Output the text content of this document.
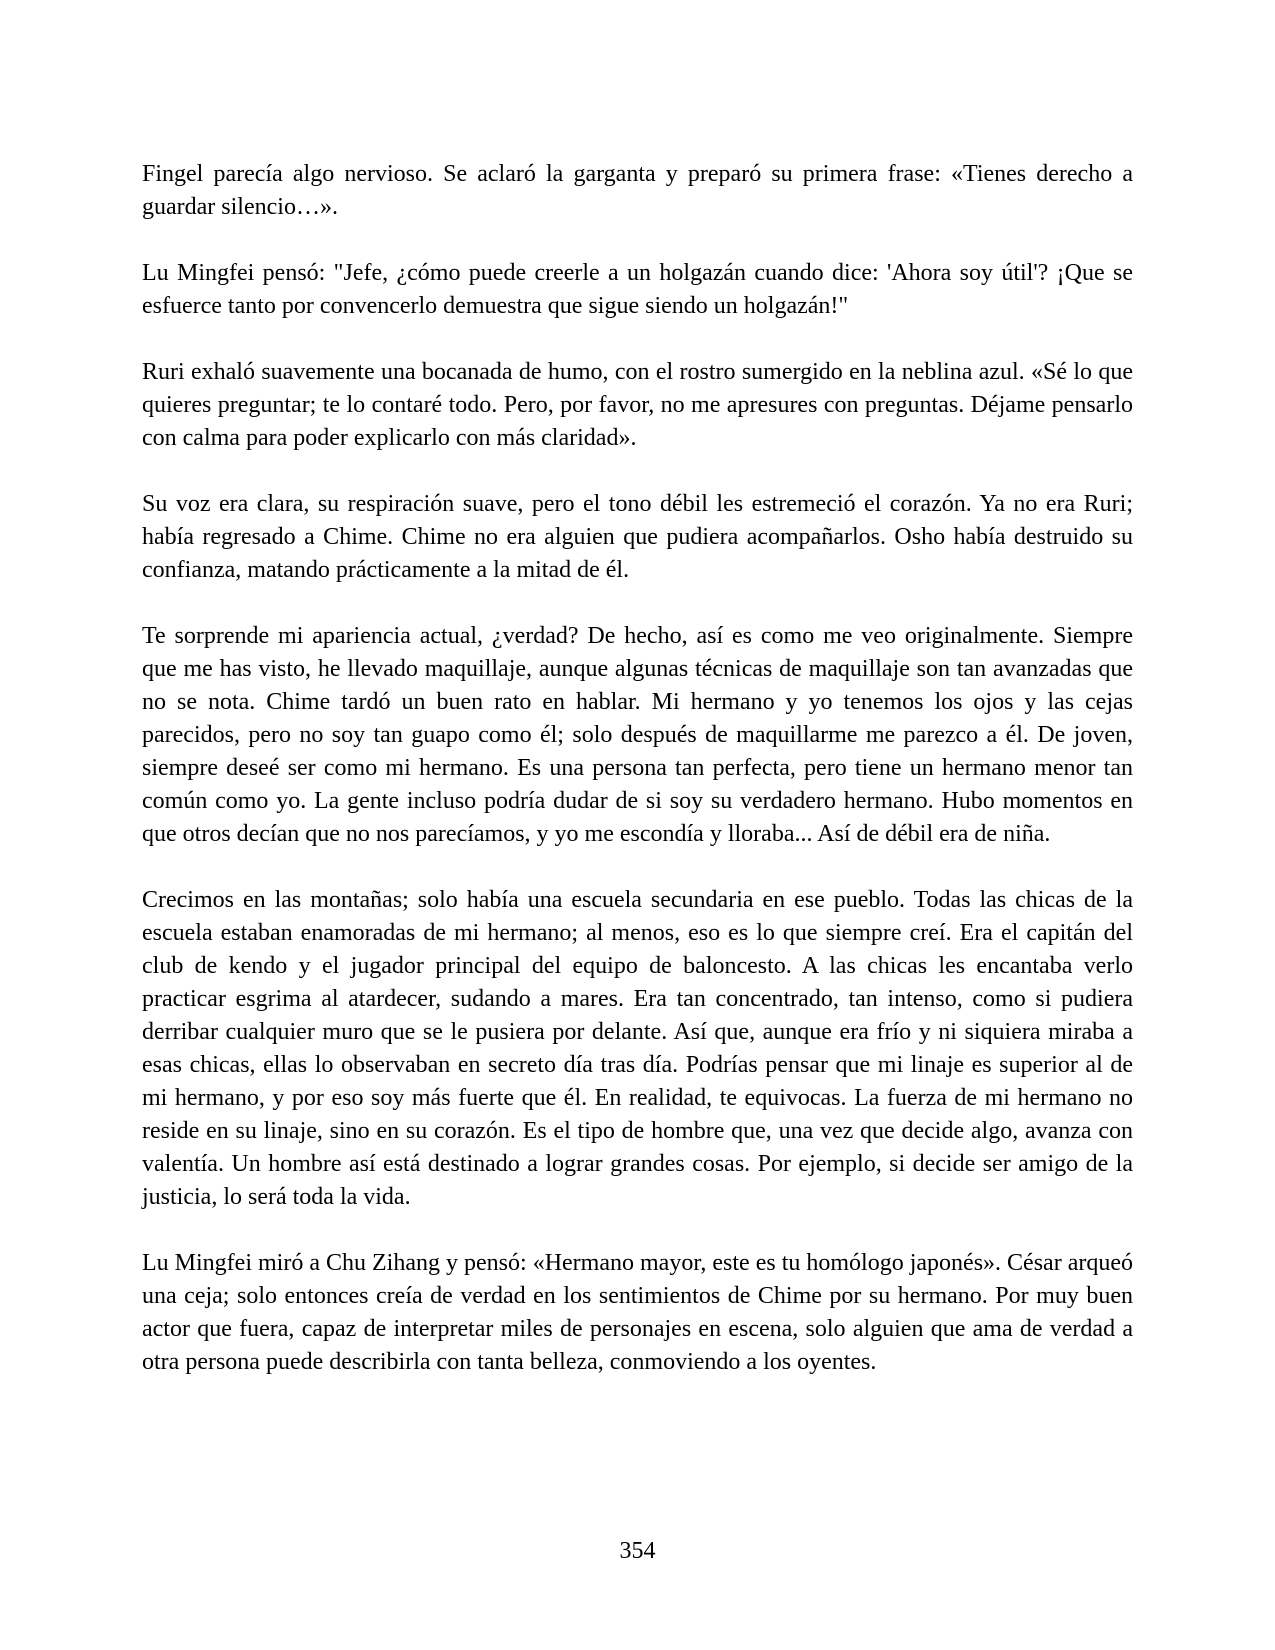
Fingel parecía algo nervioso. Se aclaró la garganta y preparó su primera frase: «Tienes derecho a guardar silencio…».

Lu Mingfei pensó: "Jefe, ¿cómo puede creerle a un holgazán cuando dice: 'Ahora soy útil'? ¡Que se esfuerce tanto por convencerlo demuestra que sigue siendo un holgazán!"

Ruri exhaló suavemente una bocanada de humo, con el rostro sumergido en la neblina azul. «Sé lo que quieres preguntar; te lo contaré todo. Pero, por favor, no me apresures con preguntas. Déjame pensarlo con calma para poder explicarlo con más claridad».

Su voz era clara, su respiración suave, pero el tono débil les estremeció el corazón. Ya no era Ruri; había regresado a Chime. Chime no era alguien que pudiera acompañarlos. Osho había destruido su confianza, matando prácticamente a la mitad de él.

Te sorprende mi apariencia actual, ¿verdad? De hecho, así es como me veo originalmente. Siempre que me has visto, he llevado maquillaje, aunque algunas técnicas de maquillaje son tan avanzadas que no se nota. Chime tardó un buen rato en hablar. Mi hermano y yo tenemos los ojos y las cejas parecidos, pero no soy tan guapo como él; solo después de maquillarme me parezco a él. De joven, siempre deseé ser como mi hermano. Es una persona tan perfecta, pero tiene un hermano menor tan común como yo. La gente incluso podría dudar de si soy su verdadero hermano. Hubo momentos en que otros decían que no nos parecíamos, y yo me escondía y lloraba... Así de débil era de niña.

Crecimos en las montañas; solo había una escuela secundaria en ese pueblo. Todas las chicas de la escuela estaban enamoradas de mi hermano; al menos, eso es lo que siempre creí. Era el capitán del club de kendo y el jugador principal del equipo de baloncesto. A las chicas les encantaba verlo practicar esgrima al atardecer, sudando a mares. Era tan concentrado, tan intenso, como si pudiera derribar cualquier muro que se le pusiera por delante. Así que, aunque era frío y ni siquiera miraba a esas chicas, ellas lo observaban en secreto día tras día. Podrías pensar que mi linaje es superior al de mi hermano, y por eso soy más fuerte que él. En realidad, te equivocas. La fuerza de mi hermano no reside en su linaje, sino en su corazón. Es el tipo de hombre que, una vez que decide algo, avanza con valentía. Un hombre así está destinado a lograr grandes cosas. Por ejemplo, si decide ser amigo de la justicia, lo será toda la vida.

Lu Mingfei miró a Chu Zihang y pensó: «Hermano mayor, este es tu homólogo japonés». César arqueó una ceja; solo entonces creía de verdad en los sentimientos de Chime por su hermano. Por muy buen actor que fuera, capaz de interpretar miles de personajes en escena, solo alguien que ama de verdad a otra persona puede describirla con tanta belleza, conmoviendo a los oyentes.

354
